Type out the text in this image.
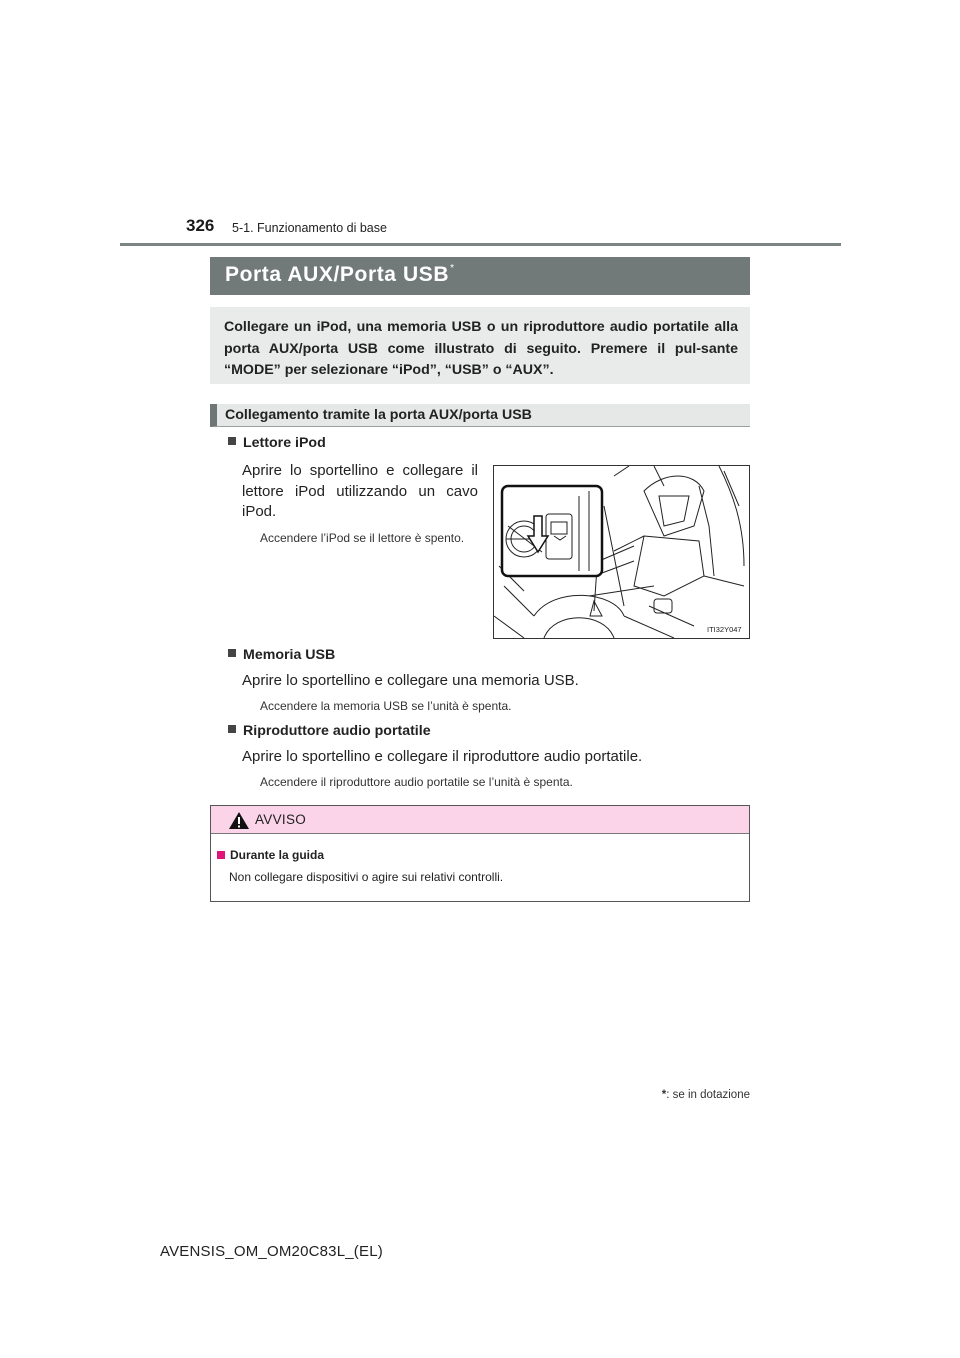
326 5-1. Funzionamento di base
Porta AUX/Porta USB*
Collegare un iPod, una memoria USB o un riproduttore audio portatile alla porta AUX/porta USB come illustrato di seguito. Premere il pul-sante “MODE” per selezionare “iPod”, “USB” o “AUX”.
Collegamento tramite la porta AUX/porta USB
Lettore iPod
Aprire lo sportellino e collegare il lettore iPod utilizzando un cavo iPod.
Accendere l’iPod se il lettore è spento.
ITI32Y047
Memoria USB
Aprire lo sportellino e collegare una memoria USB.
Accendere la memoria USB se l’unità è spenta.
Riproduttore audio portatile
Aprire lo sportellino e collegare il riproduttore audio portatile.
Accendere il riproduttore audio portatile se l’unità è spenta.
AVVISO
Durante la guida
Non collegare dispositivi o agire sui relativi controlli.
*: se in dotazione
AVENSIS_OM_OM20C83L_(EL)
